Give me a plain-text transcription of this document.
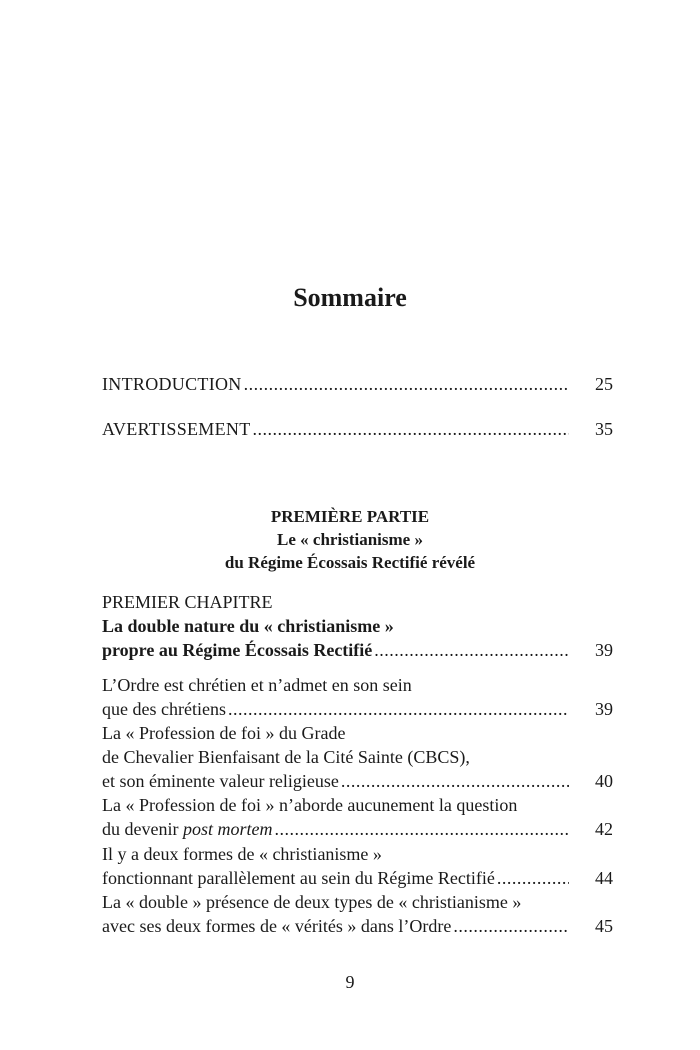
Sommaire
INTRODUCTION .....	25
AVERTISSEMENT .....	35
PREMIÈRE PARTIE
Le « christianisme »
du Régime Écossais Rectifié révélé
PREMIER CHAPITRE
La double nature du « christianisme »
propre au Régime Écossais Rectifié .....	39
L’Ordre est chrétien et n’admet en son sein
que des chrétiens .....	39
La « Profession de foi » du Grade
de Chevalier Bienfaisant de la Cité Sainte (CBCS),
et son éminente valeur religieuse .....	40
La « Profession de foi » n’aborde aucunement la question
du devenir post mortem .....	42
Il y a deux formes de « christianisme »
fonctionnant parallèlement au sein du Régime Rectifié .....	44
La « double » présence de deux types de « christianisme »
avec ses deux formes de « vérités » dans l’Ordre .....	45
9
